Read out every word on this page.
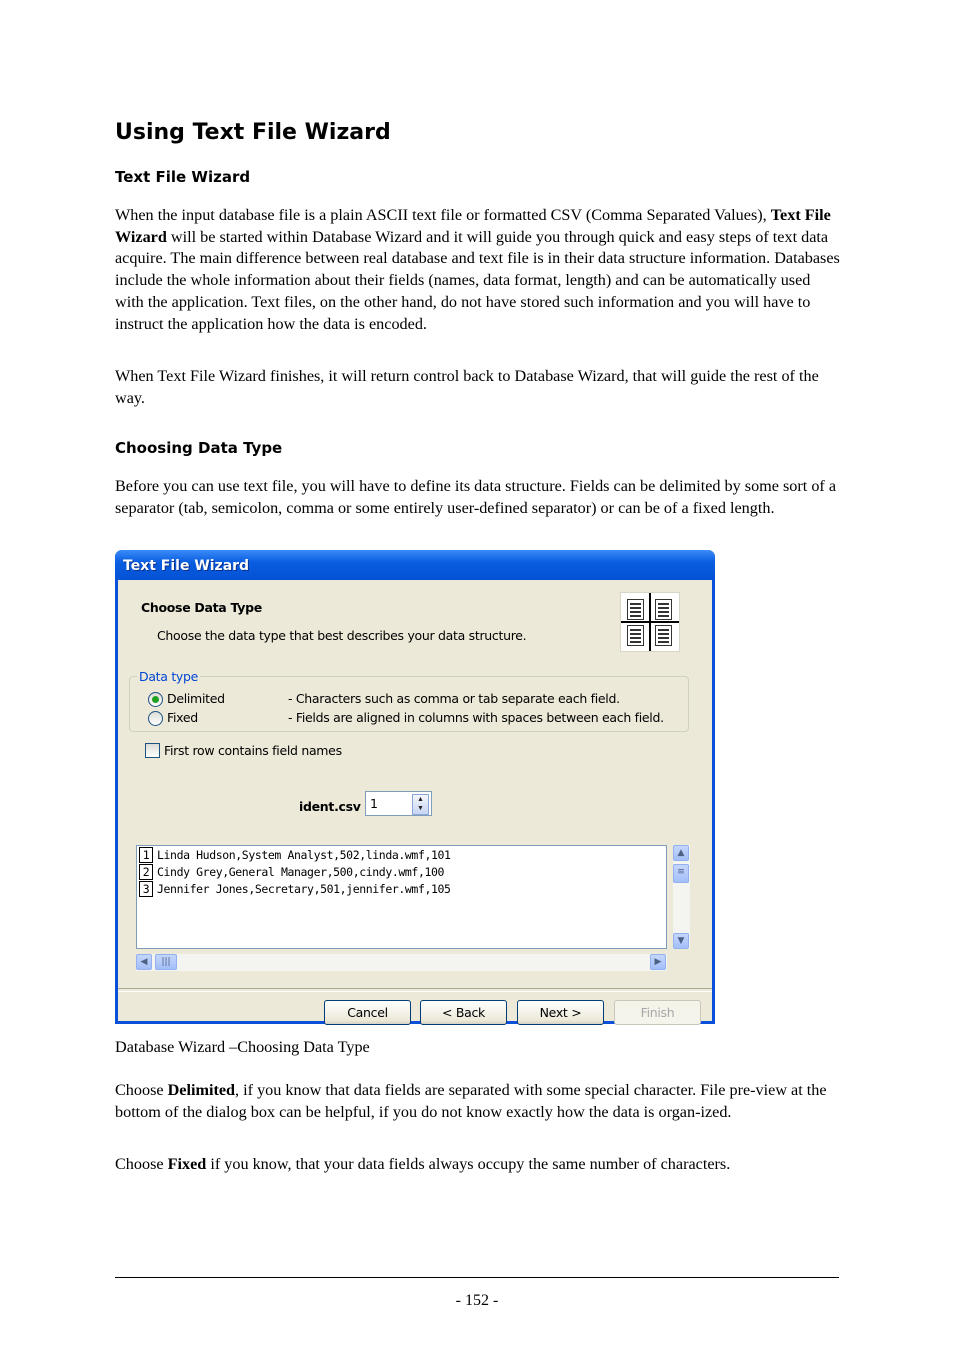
Using Text File Wizard
Text File Wizard

When the input database file is a plain ASCII text file or formatted CSV (Comma Separated Values), Text File Wizard will be started within Database Wizard and it will guide you through quick and easy steps of text data acquire. The main difference between real database and text file is in their data structure information. Databases include the whole information about their fields (names, data format, length) and can be automatically used with the application. Text files, on the other hand, do not have stored such information and you will have to instruct the application how the data is encoded.

When Text File Wizard finishes, it will return control back to Database Wizard, that will guide the rest of the way.

Choosing Data Type

Before you can use text file, you will have to define its data structure. Fields can be delimited by some sort of a separator (tab, semicolon, comma or some entirely user-defined separator) or can be of a fixed length.

Text File Wizard
Choose Data Type
Choose the data type that best describes your data structure.
Data type
Delimited	- Characters such as comma or tab separate each field.
Fixed	- Fields are aligned in columns with spaces between each field.
First row contains field names
1	▲
▼
ident.csv
1 Linda Hudson,System Analyst,502,linda.wmf,101
2 Cindy Grey,General Manager,500,cindy.wmf,100
3 Jennifer Jones,Secretary,501,jennifer.wmf,105
▲
≡
▼
◀	|||	▶
Cancel	< Back	Next >	Finish

Database Wizard –Choosing Data Type

Choose Delimited, if you know that data fields are separated with some special character. File pre-view at the bottom of the dialog box can be helpful, if you do not know exactly how the data is organ-ized.

Choose Fixed if you know, that your data fields always occupy the same number of characters.

- 152 -
